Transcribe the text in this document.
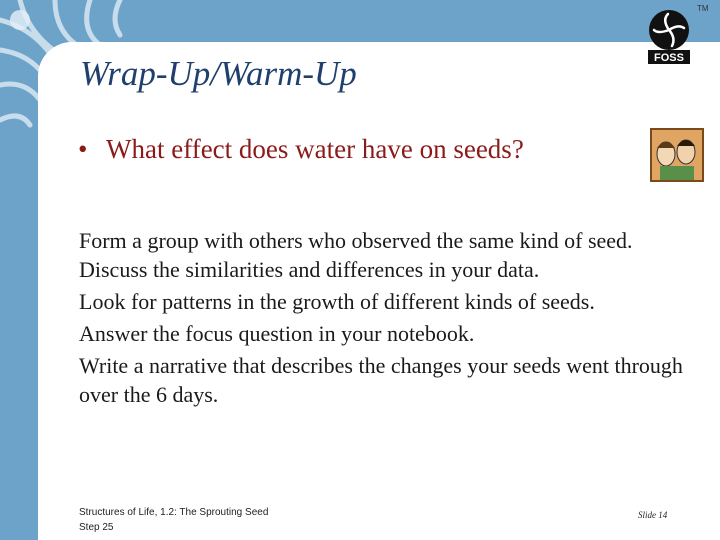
Wrap-Up/Warm-Up	FOSS
TM
• What effect does water have on seeds?

Form a group with others who observed the same kind of seed. Discuss the similarities and differences in your data.

Look for patterns in the growth of different kinds of seeds.

Answer the focus question in your notebook.

Write a narrative that describes the changes your seeds went through over the 6 days.

Structures of Life, 1.2: The Sprouting Seed
Step 25
Slide 14
